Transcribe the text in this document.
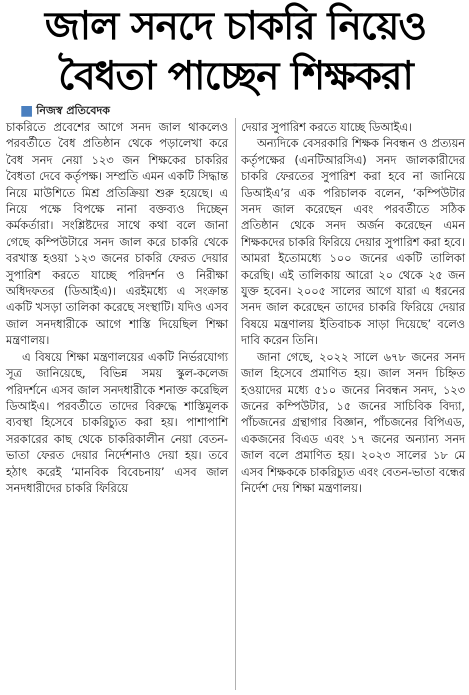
জাল সনদে চাকরি নিয়েও
বৈধতা পাচ্ছেন শিক্ষকরা
■ নিজস্ব প্রতিবেদক

চাকরিতে প্রবেশের আগে সনদ জাল থাকলেও পরবর্তীতে বৈধ প্রতিষ্ঠান থেকে পড়ালেখা করে বৈধ সনদ নেয়া ১২৩ জন শিক্ষকের চাকরির বৈধতা দেবে কর্তৃপক্ষ। সম্প্রতি এমন একটি সিদ্ধান্ত নিয়ে মাউশিতে মিশ্র প্রতিক্রিয়া শুরু হয়েছে। এ নিয়ে পক্ষে বিপক্ষে নানা বক্তব্যও দিচ্ছেন কর্মকর্তারা। সংশ্লিষ্টদের সাথে কথা বলে জানা গেছে কম্পিউটারে সনদ জাল করে চাকরি থেকে বরখাস্ত হওয়া ১২৩ জনের চাকরি ফেরত দেয়ার সুপারিশ করতে যাচ্ছে পরিদর্শন ও নিরীক্ষা অধিদফতর (ডিআইএ)। এরইমধ্যে এ সংক্রান্ত একটি খসড়া তালিকা করেছে সংস্থাটি। যদিও এসব জাল সনদধারীকে আগে শাস্তি দিয়েছিল শিক্ষা মন্ত্রণালয়।

এ বিষয়ে শিক্ষা মন্ত্রণালয়ের একটি নির্ভরযোগ্য সূত্র জানিয়েছে, বিভিন্ন সময় স্কুল-কলেজ পরিদর্শনে এসব জাল সনদধারীকে শনাক্ত করেছিল ডিআইএ। পরবর্তীতে তাদের বিরুদ্ধে শাস্তিমূলক ব্যবস্থা হিসেবে চাকরিচ্যুত করা হয়। পাশাপাশি সরকারের কাছ থেকে চাকরিকালীন নেয়া বেতন-ভাতা ফেরত দেয়ার নির্দেশনাও দেয়া হয়। তবে হঠাৎ করেই ‘মানবিক বিবেচনায়’ এসব জাল সনদধারীদের চাকরি ফিরিয়ে

দেয়ার সুপারিশ করতে যাচ্ছে ডিআইএ।

অন্যদিকে বেসরকারি শিক্ষক নিবন্ধন ও প্রত্যয়ন কর্তৃপক্ষের (এনটিআরসিএ) সনদ জালকারীদের চাকরি ফেরতের সুপারিশ করা হবে না জানিয়ে ডিআইএ’র এক পরিচালক বলেন, ‘কম্পিউটার সনদ জাল করেছেন এবং পরবর্তীতে সঠিক প্রতিষ্ঠান থেকে সনদ অর্জন করেছেন এমন শিক্ষকদের চাকরি ফিরিয়ে দেয়ার সুপারিশ করা হবে। আমরা ইতোমধ্যে ১০০ জনের একটি তালিকা করেছি। এই তালিকায় আরো ২০ থেকে ২৫ জন যুক্ত হবেন। ২০০৫ সালের আগে যারা এ ধরনের সনদ জাল করেছেন তাদের চাকরি ফিরিয়ে দেয়ার বিষয়ে মন্ত্রণালয় ইতিবাচক সাড়া দিয়েছে’ বলেও দাবি করেন তিনি।

জানা গেছে, ২০২২ সালে ৬৭৮ জনের সনদ জাল হিসেবে প্রমাণিত হয়। জাল সনদ চিহ্নিত হওয়াদের মধ্যে ৫১০ জনের নিবন্ধন সনদ, ১২৩ জনের কম্পিউটার, ১৫ জনের সাচিবিক বিদ্যা, পাঁচজনের গ্রন্থাগার বিজ্ঞান, পাঁচজনের বিপিএড, একজনের বিএড এবং ১৭ জনের অন্যান্য সনদ জাল বলে প্রমাণিত হয়। ২০২৩ সালের ১৮ মে এসব শিক্ষককে চাকরিচ্যুত এবং বেতন-ভাতা বন্ধের নির্দেশ দেয় শিক্ষা মন্ত্রণালয়।
